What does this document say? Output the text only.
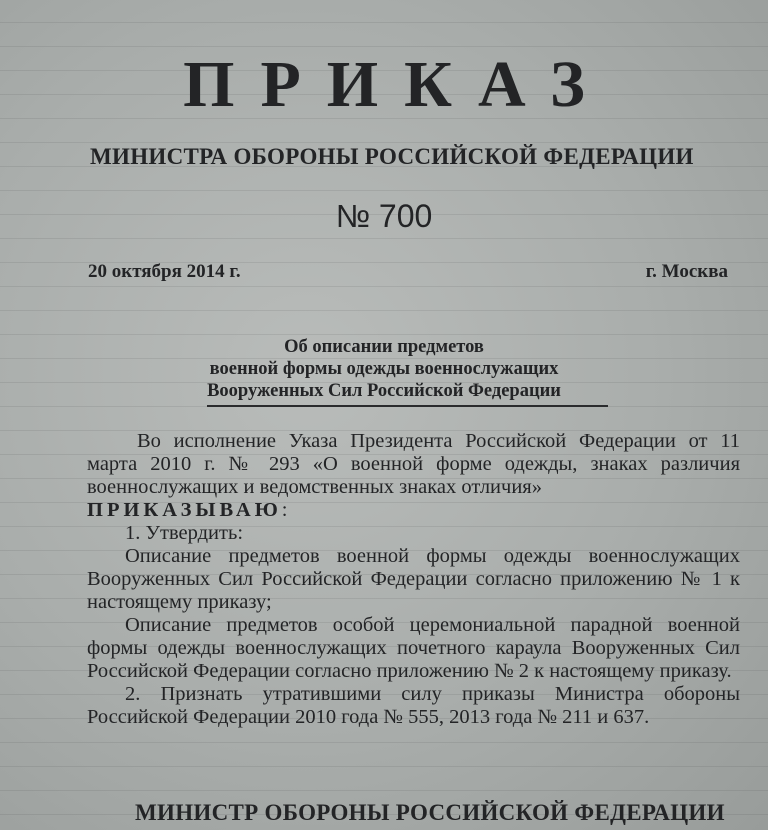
ПРИКАЗ
МИНИСТРА ОБОРОНЫ РОССИЙСКОЙ ФЕДЕРАЦИИ
№ 700
20 октября 2014 г.	г. Москва
Об описании предметов
военной формы одежды военнослужащих
Вооруженных Сил Российской Федерации

Во исполнение Указа Президента Российской Федерации от 11 марта 2010 г. № 293 «О военной форме одежды, знаках различия военнослужащих и ведомственных знаках отличия»

ПРИКАЗЫВАЮ:

1. Утвердить:

Описание предметов военной формы одежды военнослужащих Вооруженных Сил Российской Федерации согласно приложению № 1 к настоящему приказу;

Описание предметов особой церемониальной парадной военной формы одежды военнослужащих почетного караула Вооруженных Сил Российской Федерации согласно приложению № 2 к настоящему приказу.

2. Признать утратившими силу приказы Министра обороны Российской Федерации 2010 года № 555, 2013 года № 211 и 637.

МИНИСТР ОБОРОНЫ РОССИЙСКОЙ ФЕДЕРАЦИИ
